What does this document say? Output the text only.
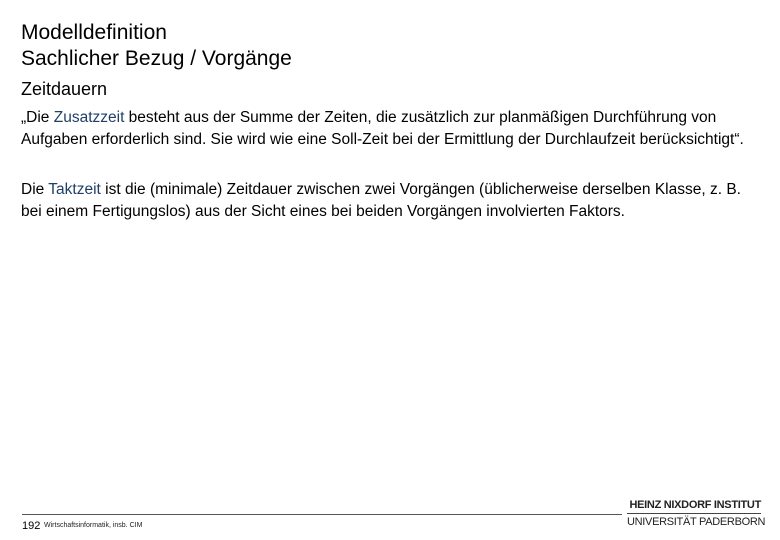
Modelldefinition
Sachlicher Bezug / Vorgänge
Zeitdauern

„Die Zusatzzeit besteht aus der Summe der Zeiten, die zusätzlich zur planmäßigen Durchführung von Aufgaben erforderlich sind. Sie wird wie eine Soll-Zeit bei der Ermittlung der Durchlaufzeit berücksichtigt“.

Die Taktzeit ist die (minimale) Zeitdauer zwischen zwei Vorgängen (üblicherweise derselben Klasse, z. B. bei einem Fertigungslos) aus der Sicht eines bei beiden Vorgängen involvierten Faktors.

192 Wirtschaftsinformatik, insb. CIM
HEINZ NIXDORF INSTITUT
UNIVERSITÄT PADERBORN
